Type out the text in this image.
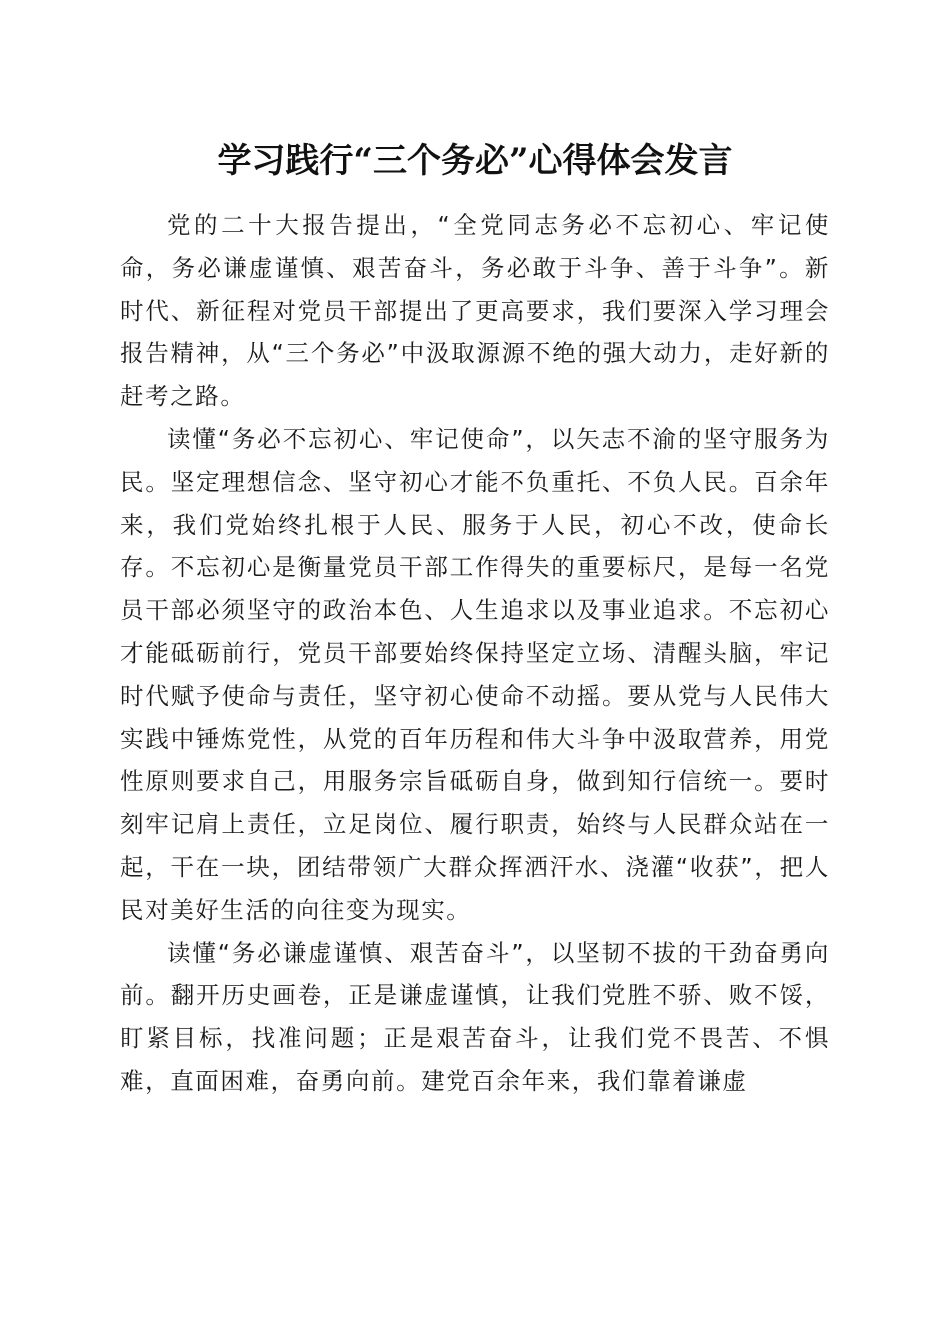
学习践行“三个务必”心得体会发言

党的二十大报告提出，“全党同志务必不忘初心、牢记使命，务必谦虚谨慎、艰苦奋斗，务必敢于斗争、善于斗争”。新时代、新征程对党员干部提出了更高要求，我们要深入学习理会报告精神，从“三个务必”中汲取源源不绝的强大动力，走好新的赶考之路。

读懂“务必不忘初心、牢记使命”，以矢志不渝的坚守服务为民。坚定理想信念、坚守初心才能不负重托、不负人民。百余年来，我们党始终扎根于人民、服务于人民，初心不改，使命长存。不忘初心是衡量党员干部工作得失的重要标尺，是每一名党员干部必须坚守的政治本色、人生追求以及事业追求。不忘初心才能砥砺前行，党员干部要始终保持坚定立场、清醒头脑，牢记时代赋予使命与责任，坚守初心使命不动摇。要从党与人民伟大实践中锤炼党性，从党的百年历程和伟大斗争中汲取营养，用党性原则要求自己，用服务宗旨砥砺自身，做到知行信统一。要时刻牢记肩上责任，立足岗位、履行职责，始终与人民群众站在一起，干在一块，团结带领广大群众挥洒汗水、浇灌“收获”，把人民对美好生活的向往变为现实。

读懂“务必谦虚谨慎、艰苦奋斗”，以坚韧不拔的干劲奋勇向前。翻开历史画卷，正是谦虚谨慎，让我们党胜不骄、败不馁，盯紧目标，找准问题；正是艰苦奋斗，让我们党不畏苦、不惧难，直面困难，奋勇向前。建党百余年来，我们靠着谦虚
